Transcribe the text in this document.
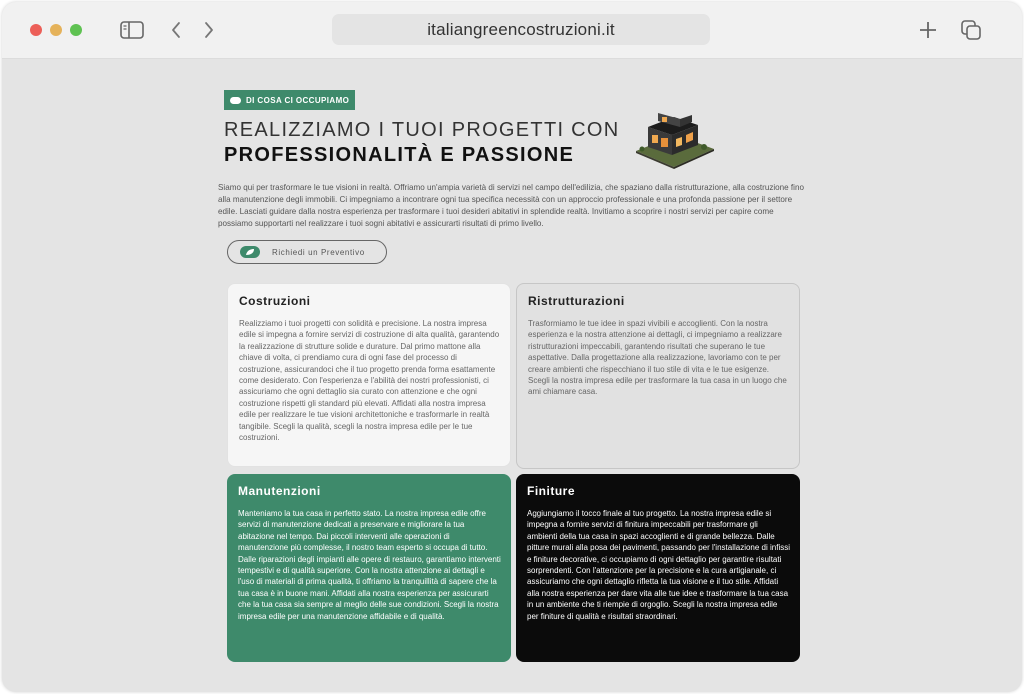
italiangreencostruzioni.it
DI COSA CI OCCUPIAMO
REALIZZIAMO I TUOI PROGETTI CON
PROFESSIONALITÀ E PASSIONE
Siamo qui per trasformare le tue visioni in realtà. Offriamo un'ampia varietà di servizi nel campo dell'edilizia, che spaziano dalla ristrutturazione, alla costruzione fino alla manutenzione degli immobili. Ci impegniamo a incontrare ogni tua specifica necessità con un approccio professionale e una profonda passione per il settore edile. Lasciati guidare dalla nostra esperienza per trasformare i tuoi desideri abitativi in splendide realtà. Invitiamo a scoprire i nostri servizi per capire come possiamo supportarti nel realizzare i tuoi sogni abitativi e assicurarti risultati di primo livello.
Richiedi un Preventivo
Costruzioni
Realizziamo i tuoi progetti con solidità e precisione. La nostra impresa edile si impegna a fornire servizi di costruzione di alta qualità, garantendo la realizzazione di strutture solide e durature. Dal primo mattone alla chiave di volta, ci prendiamo cura di ogni fase del processo di costruzione, assicurandoci che il tuo progetto prenda forma esattamente come desiderato. Con l'esperienza e l'abilità dei nostri professionisti, ci assicuriamo che ogni dettaglio sia curato con attenzione e che ogni costruzione rispetti gli standard più elevati. Affidati alla nostra impresa edile per realizzare le tue visioni architettoniche e trasformarle in realtà tangibile. Scegli la qualità, scegli la nostra impresa edile per le tue costruzioni.
Ristrutturazioni
Trasformiamo le tue idee in spazi vivibili e accoglienti. Con la nostra esperienza e la nostra attenzione ai dettagli, ci impegniamo a realizzare ristrutturazioni impeccabili, garantendo risultati che superano le tue aspettative. Dalla progettazione alla realizzazione, lavoriamo con te per creare ambienti che rispecchiano il tuo stile di vita e le tue esigenze. Scegli la nostra impresa edile per trasformare la tua casa in un luogo che ami chiamare casa.
Manutenzioni
Manteniamo la tua casa in perfetto stato. La nostra impresa edile offre servizi di manutenzione dedicati a preservare e migliorare la tua abitazione nel tempo. Dai piccoli interventi alle operazioni di manutenzione più complesse, il nostro team esperto si occupa di tutto. Dalle riparazioni degli impianti alle opere di restauro, garantiamo interventi tempestivi e di qualità superiore. Con la nostra attenzione ai dettagli e l'uso di materiali di prima qualità, ti offriamo la tranquillità di sapere che la tua casa è in buone mani. Affidati alla nostra esperienza per assicurarti che la tua casa sia sempre al meglio delle sue condizioni. Scegli la nostra impresa edile per una manutenzione affidabile e di qualità.
Finiture
Aggiungiamo il tocco finale al tuo progetto. La nostra impresa edile si impegna a fornire servizi di finitura impeccabili per trasformare gli ambienti della tua casa in spazi accoglienti e di grande bellezza. Dalle pitture murali alla posa dei pavimenti, passando per l'installazione di infissi e finiture decorative, ci occupiamo di ogni dettaglio per garantire risultati sorprendenti. Con l'attenzione per la precisione e la cura artigianale, ci assicuriamo che ogni dettaglio rifletta la tua visione e il tuo stile. Affidati alla nostra esperienza per dare vita alle tue idee e trasformare la tua casa in un ambiente che ti riempie di orgoglio. Scegli la nostra impresa edile per finiture di qualità e risultati straordinari.
